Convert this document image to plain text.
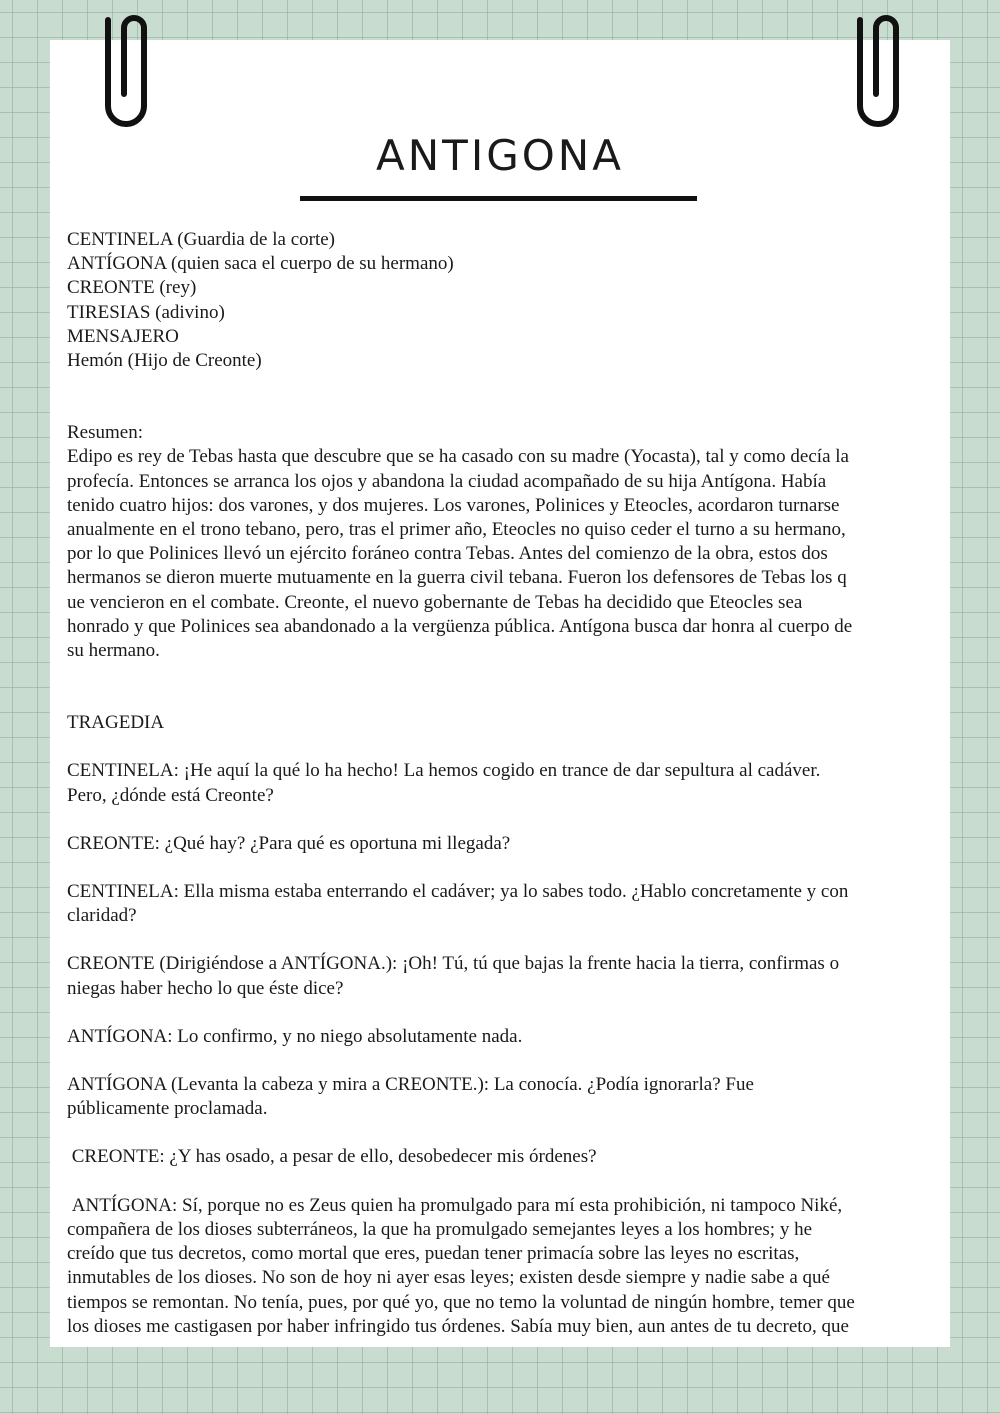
ANTIGONA
CENTINELA (Guardia de la corte)
ANTÍGONA (quien saca el cuerpo de su hermano)
CREONTE (rey)
TIRESIAS (adivino)
MENSAJERO
Hemón (Hijo de Creonte)
Resumen:
Edipo es rey de Tebas hasta que descubre que se ha casado con su madre (Yocasta), tal y como decía la
profecía. Entonces se arranca los ojos y abandona la ciudad acompañado de su hija Antígona. Había
tenido cuatro hijos: dos varones, y dos mujeres. Los varones, Polinices y Eteocles, acordaron turnarse
anualmente en el trono tebano, pero, tras el primer año, Eteocles no quiso ceder el turno a su hermano,
por lo que Polinices llevó un ejército foráneo contra Tebas. Antes del comienzo de la obra, estos dos
hermanos se dieron muerte mutuamente en la guerra civil tebana. Fueron los defensores de Tebas los q
ue vencieron en el combate. Creonte, el nuevo gobernante de Tebas ha decidido que Eteocles sea
honrado y que Polinices sea abandonado a la vergüenza pública. Antígona busca dar honra al cuerpo de
su hermano.
TRAGEDIA
CENTINELA: ¡He aquí la qué lo ha hecho! La hemos cogido en trance de dar sepultura al cadáver.
Pero, ¿dónde está Creonte?
CREONTE: ¿Qué hay? ¿Para qué es oportuna mi llegada?
CENTINELA: Ella misma estaba enterrando el cadáver; ya lo sabes todo. ¿Hablo concretamente y con
claridad?
CREONTE (Dirigiéndose a ANTÍGONA.): ¡Oh! Tú, tú que bajas la frente hacia la tierra, confirmas o
niegas haber hecho lo que éste dice?
ANTÍGONA: Lo confirmo, y no niego absolutamente nada.
ANTÍGONA (Levanta la cabeza y mira a CREONTE.): La conocía. ¿Podía ignorarla? Fue
públicamente proclamada.
CREONTE: ¿Y has osado, a pesar de ello, desobedecer mis órdenes?
ANTÍGONA: Sí, porque no es Zeus quien ha promulgado para mí esta prohibición, ni tampoco Niké,
compañera de los dioses subterráneos, la que ha promulgado semejantes leyes a los hombres; y he
creído que tus decretos, como mortal que eres, puedan tener primacía sobre las leyes no escritas,
inmutables de los dioses. No son de hoy ni ayer esas leyes; existen desde siempre y nadie sabe a qué
tiempos se remontan. No tenía, pues, por qué yo, que no temo la voluntad de ningún hombre, temer que
los dioses me castigasen por haber infringido tus órdenes. Sabía muy bien, aun antes de tu decreto, que
